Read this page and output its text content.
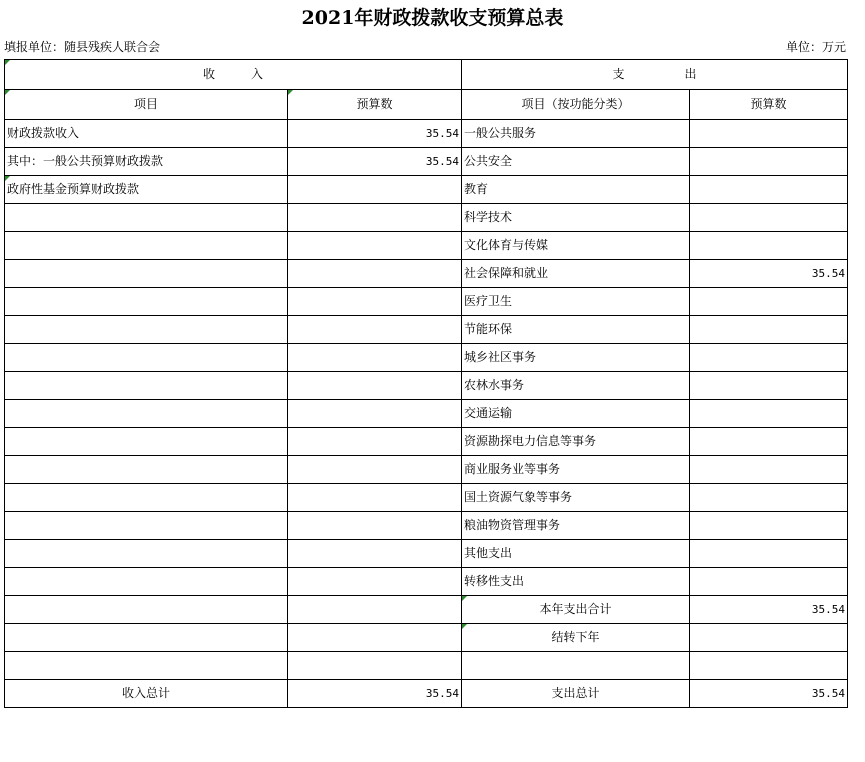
2021年财政拨款收支预算总表
填报单位：随县残疾人联合会	单位：万元
收　　　入		支　　　　　出	
项目	预算数	项目（按功能分类）	预算数
财政拨款收入	35.54	一般公共服务	
其中：一般公共预算财政拨款	35.54	公共安全	
政府性基金预算财政拨款		教育	
		科学技术	
		文化体育与传媒	
		社会保障和就业	35.54
		医疗卫生	
		节能环保	
		城乡社区事务	
		农林水事务	
		交通运输	
		资源勘探电力信息等事务	
		商业服务业等事务	
		国土资源气象等事务	
		粮油物资管理事务	
		其他支出	
		转移性支出	
		本年支出合计	35.54
		结转下年	

收入总计	35.54	支出总计	35.54
